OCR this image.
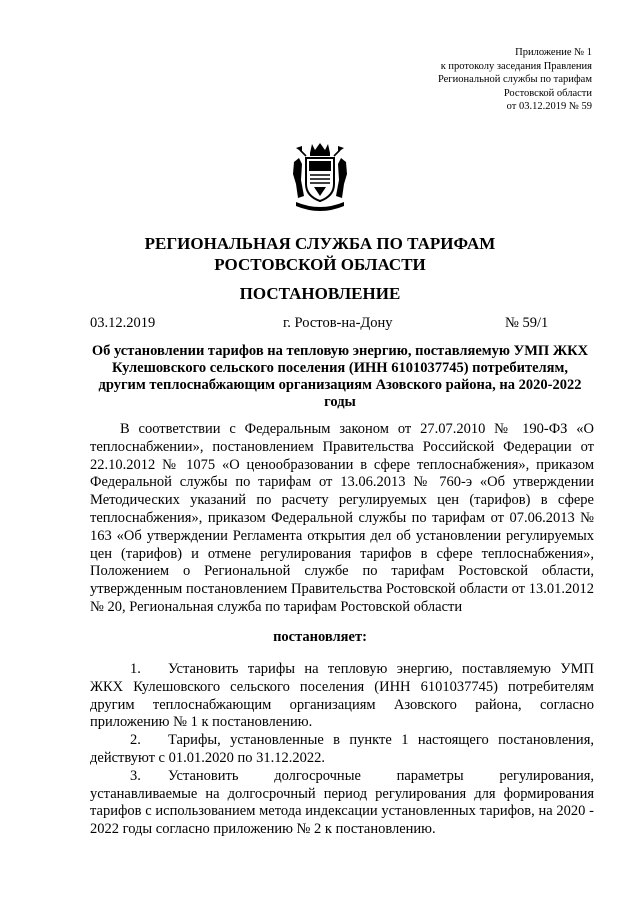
Приложение № 1
к протоколу заседания Правления
Региональной службы по тарифам
Ростовской области
от 03.12.2019 № 59
РЕГИОНАЛЬНАЯ СЛУЖБА ПО ТАРИФАМ
РОСТОВСКОЙ ОБЛАСТИ
ПОСТАНОВЛЕНИЕ
03.12.2019	г. Ростов-на-Дону	№ 59/1
Об установлении тарифов на тепловую энергию, поставляемую УМП ЖКХ Кулешовского сельского поселения (ИНН 6101037745) потребителям, другим теплоснабжающим организациям Азовского района, на 2020-2022 годы

В соответствии с Федеральным законом от 27.07.2010 № 190-ФЗ «О теплоснабжении», постановлением Правительства Российской Федерации от 22.10.2012 № 1075 «О ценообразовании в сфере теплоснабжения», приказом Федеральной службы по тарифам от 13.06.2013 № 760-э «Об утверждении Методических указаний по расчету регулируемых цен (тарифов) в сфере теплоснабжения», приказом Федеральной службы по тарифам от 07.06.2013 № 163 «Об утверждении Регламента открытия дел об установлении регулируемых цен (тарифов) и отмене регулирования тарифов в сфере теплоснабжения», Положением о Региональной службе по тарифам Ростовской области, утвержденным постановлением Правительства Ростовской области от 13.01.2012 № 20, Региональная служба по тарифам Ростовской области

постановляет:

1. Установить тарифы на тепловую энергию, поставляемую УМП ЖКХ Кулешовского сельского поселения (ИНН 6101037745) потребителям другим теплоснабжающим организациям Азовского района, согласно приложению № 1 к постановлению.

2. Тарифы, установленные в пункте 1 настоящего постановления, действуют с 01.01.2020 по 31.12.2022.

3. Установить долгосрочные параметры регулирования, устанавливаемые на долгосрочный период регулирования для формирования тарифов с использованием метода индексации установленных тарифов, на 2020 - 2022 годы согласно приложению № 2 к постановлению.
